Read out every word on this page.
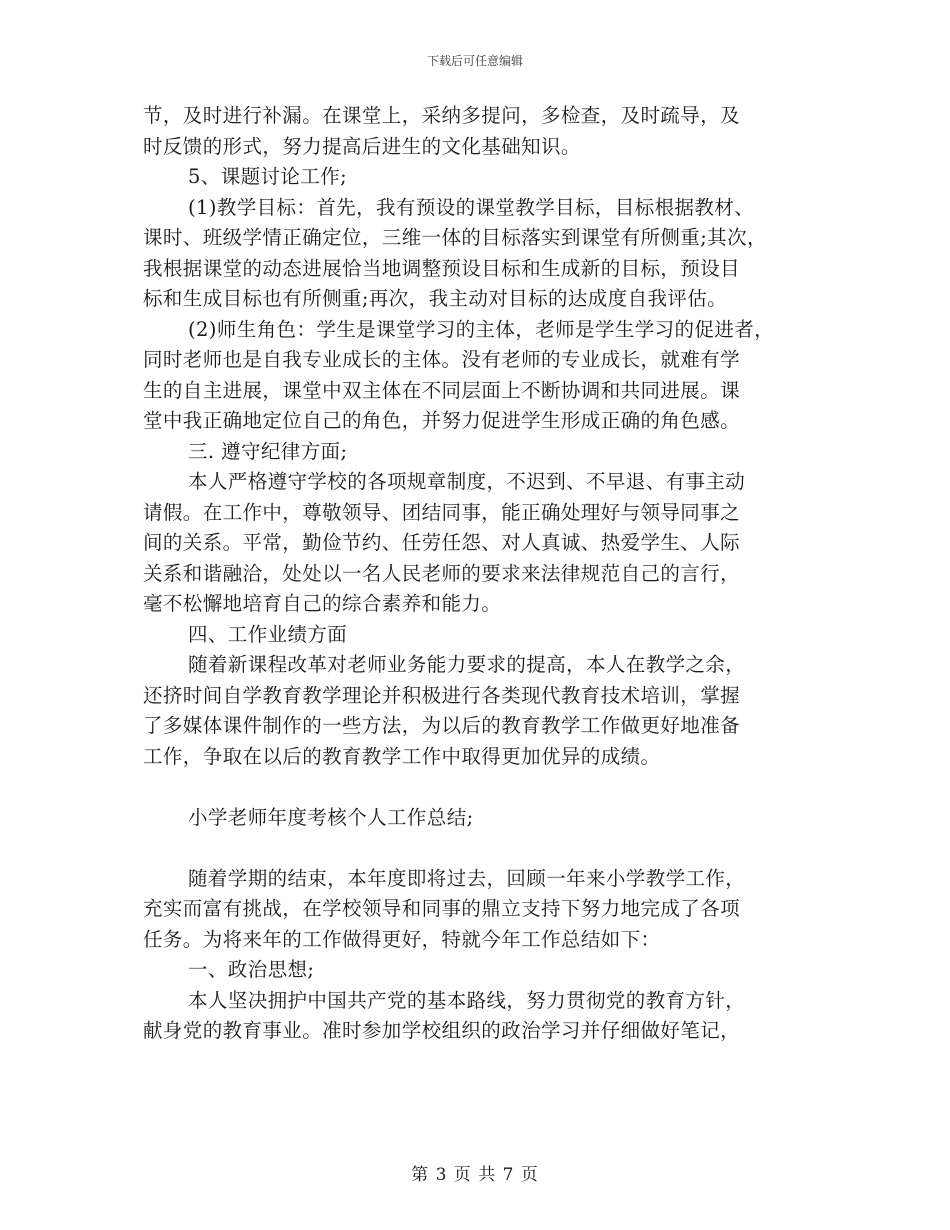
下载后可任意编辑
节，及时进行补漏。在课堂上，采纳多提问，多检查，及时疏导，及
时反馈的形式，努力提高后进生的文化基础知识。
5、课题讨论工作;
(1)教学目标：首先，我有预设的课堂教学目标，目标根据教材、
课时、班级学情正确定位，三维一体的目标落实到课堂有所侧重;其次，
我根据课堂的动态进展恰当地调整预设目标和生成新的目标，预设目
标和生成目标也有所侧重;再次，我主动对目标的达成度自我评估。
(2)师生角色：学生是课堂学习的主体，老师是学生学习的促进者，
同时老师也是自我专业成长的主体。没有老师的专业成长，就难有学
生的自主进展，课堂中双主体在不同层面上不断协调和共同进展。课
堂中我正确地定位自己的角色，并努力促进学生形成正确的角色感。
三. 遵守纪律方面;
本人严格遵守学校的各项规章制度，不迟到、不早退、有事主动
请假。在工作中，尊敬领导、团结同事，能正确处理好与领导同事之
间的关系。平常，勤俭节约、任劳任怨、对人真诚、热爱学生、人际
关系和谐融洽，处处以一名人民老师的要求来法律规范自己的言行，
毫不松懈地培育自己的综合素养和能力。
四、工作业绩方面
随着新课程改革对老师业务能力要求的提高，本人在教学之余，
还挤时间自学教育教学理论并积极进行各类现代教育技术培训，掌握
了多媒体课件制作的一些方法，为以后的教育教学工作做更好地准备
工作，争取在以后的教育教学工作中取得更加优异的成绩。
小学老师年度考核个人工作总结;
随着学期的结束，本年度即将过去，回顾一年来小学教学工作，
充实而富有挑战，在学校领导和同事的鼎立支持下努力地完成了各项
任务。为将来年的工作做得更好，特就今年工作总结如下：
一、政治思想;
本人坚决拥护中国共产党的基本路线，努力贯彻党的教育方针，
献身党的教育事业。准时参加学校组织的政治学习并仔细做好笔记，
第 3 页 共 7 页
